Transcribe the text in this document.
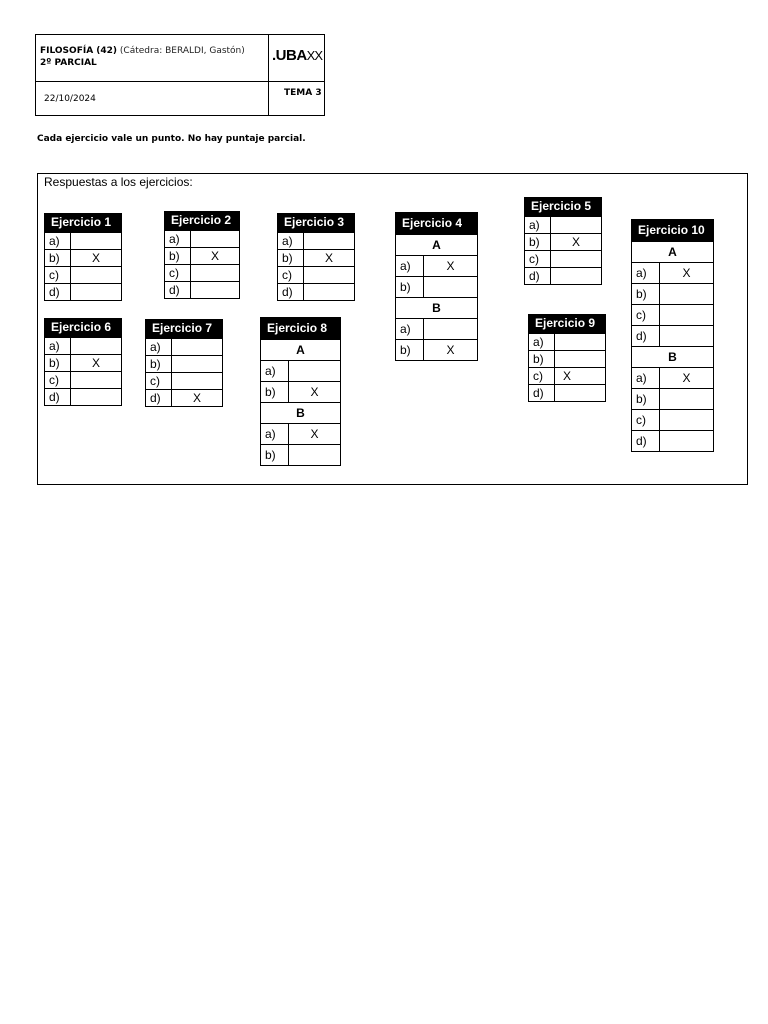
FILOSOFÍA (42) (Cátedra: BERALDI, Gastón)
2º PARCIAL
22/10/2024
.UBAXX
TEMA 3
Cada ejercicio vale un punto. No hay puntaje parcial.
Respuestas a los ejercicios:
Ejercicio 1
a)	
b)	X
c)	
d)	
Ejercicio 2
a)	
b)	X
c)	
d)	
Ejercicio 3
a)	
b)	X
c)	
d)	
Ejercicio 4
A	
a)	X
b)	
B	
a)	
b)	X
Ejercicio 5
a)	
b)	X
c)	
d)	
Ejercicio 10
A	
a)	X
b)	
c)	
d)	
B	
a)	X
b)	
c)	
d)	
Ejercicio 6
a)	
b)	X
c)	
d)	
Ejercicio 7
a)	
b)	
c)	
d)	X
Ejercicio 8
A	
a)	
b)	X
B	
a)	X
b)	
Ejercicio 9
a)	
b)	
c)	X
d)	
